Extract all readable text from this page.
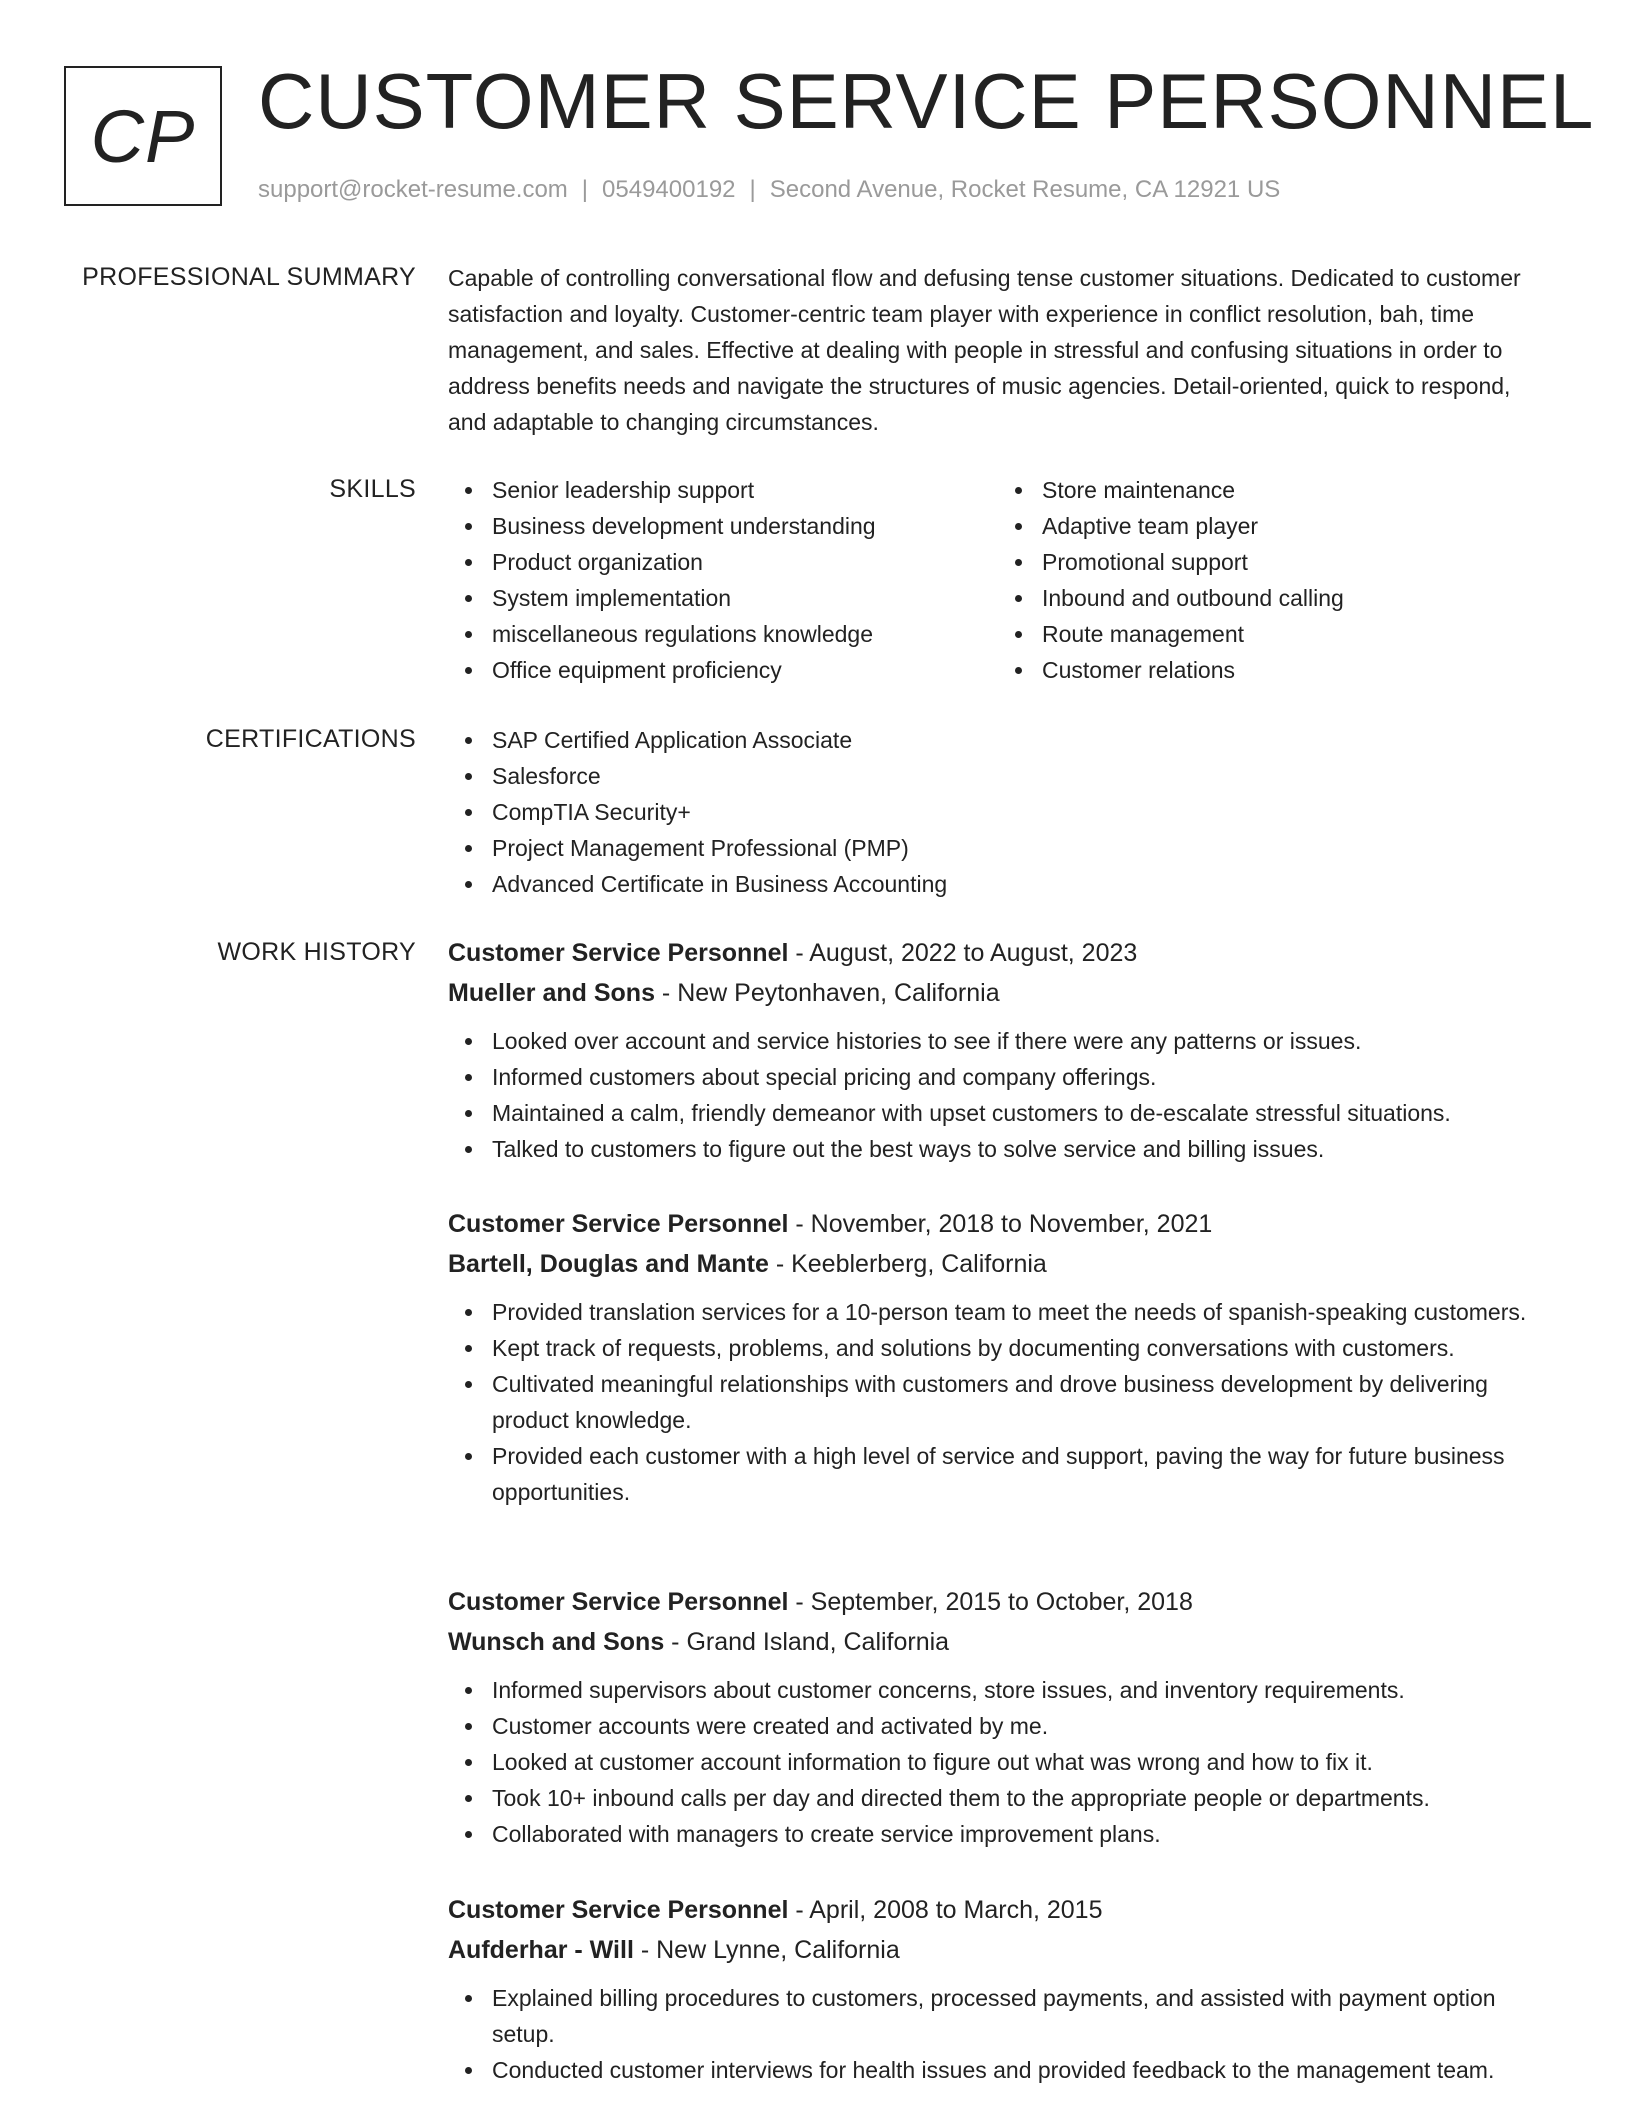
CP CUSTOMER SERVICE PERSONNEL
support@rocket-resume.com | 0549400192 | Second Avenue, Rocket Resume, CA 12921 US
PROFESSIONAL SUMMARY Capable of controlling conversational flow and defusing tense customer situations. Dedicated to customer satisfaction and loyalty. Customer-centric team player with experience in conflict resolution, bah, time management, and sales. Effective at dealing with people in stressful and confusing situations in order to address benefits needs and navigate the structures of music agencies. Detail-oriented, quick to respond, and adaptable to changing circumstances.

SKILLS	Senior leadership support
Business development understanding
Product organization
System implementation
miscellaneous regulations knowledge
Office equipment proficiency
Store maintenance
Adaptive team player
Promotional support
Inbound and outbound calling
Route management
Customer relations
CERTIFICATIONS	SAP Certified Application Associate
Salesforce
CompTIA Security+
Project Management Professional (PMP)
Advanced Certificate in Business Accounting
WORK HISTORY Customer Service Personnel - August, 2022 to August, 2023
Mueller and Sons - New Peytonhaven, California
Looked over account and service histories to see if there were any patterns or issues.
Informed customers about special pricing and company offerings.
Maintained a calm, friendly demeanor with upset customers to de-escalate stressful situations.
Talked to customers to figure out the best ways to solve service and billing issues.
Customer Service Personnel - November, 2018 to November, 2021
Bartell, Douglas and Mante - Keeblerberg, California
Provided translation services for a 10-person team to meet the needs of spanish-speaking customers.
Kept track of requests, problems, and solutions by documenting conversations with customers.
Cultivated meaningful relationships with customers and drove business development by delivering product knowledge.
Provided each customer with a high level of service and support, paving the way for future business opportunities.
Customer Service Personnel - September, 2015 to October, 2018
Wunsch and Sons - Grand Island, California
Informed supervisors about customer concerns, store issues, and inventory requirements.
Customer accounts were created and activated by me.
Looked at customer account information to figure out what was wrong and how to fix it.
Took 10+ inbound calls per day and directed them to the appropriate people or departments.
Collaborated with managers to create service improvement plans.
Customer Service Personnel - April, 2008 to March, 2015
Aufderhar - Will - New Lynne, California
Explained billing procedures to customers, processed payments, and assisted with payment option setup.
Conducted customer interviews for health issues and provided feedback to the management team.
